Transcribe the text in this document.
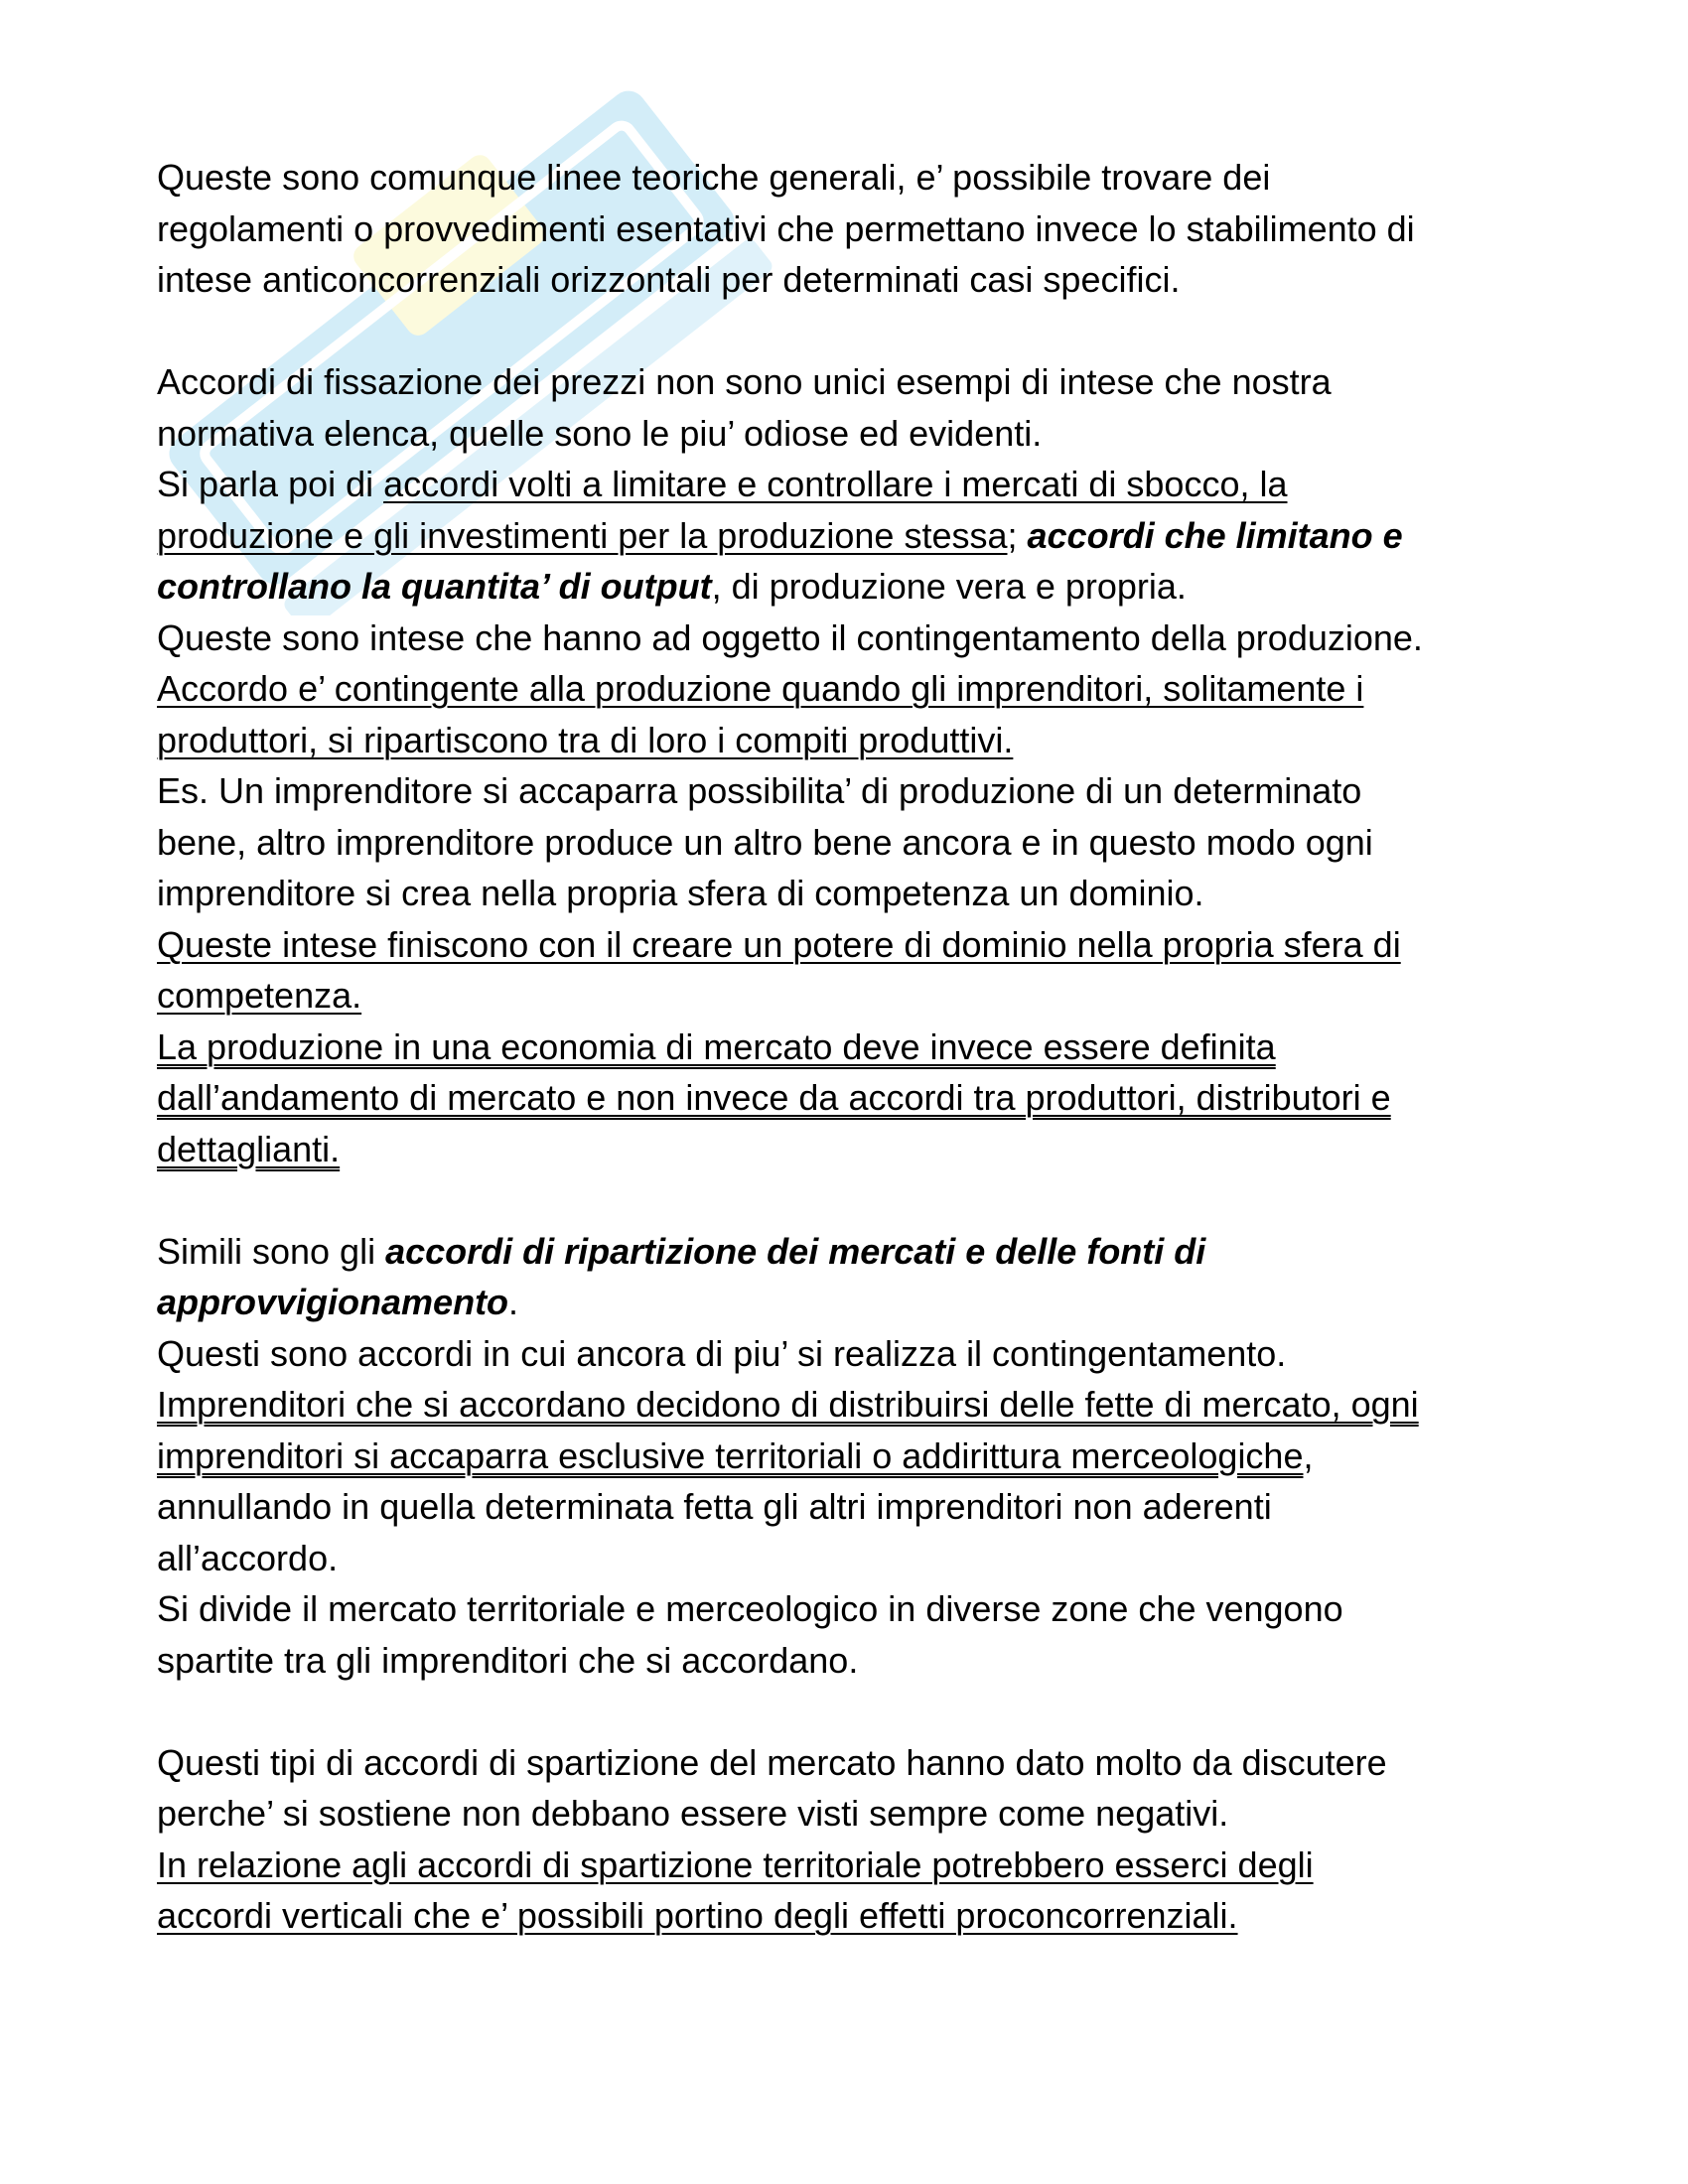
Queste sono comunque linee teoriche generali, e’ possibile trovare dei
regolamenti o provvedimenti esentativi che permettano invece lo stabilimento di
intese anticoncorrenziali orizzontali per determinati casi specifici.
Accordi di fissazione dei prezzi non sono unici esempi di intese che nostra
normativa elenca, quelle sono le piu’ odiose ed evidenti.
Si parla poi di accordi volti a limitare e controllare i mercati di sbocco, la
produzione e gli investimenti per la produzione stessa; accordi che limitano e
controllano la quantita’ di output, di produzione vera e propria.
Queste sono intese che hanno ad oggetto il contingentamento della produzione.
Accordo e’ contingente alla produzione quando gli imprenditori, solitamente i
produttori, si ripartiscono tra di loro i compiti produttivi.
Es. Un imprenditore si accaparra possibilita’ di produzione di un determinato
bene, altro imprenditore produce un altro bene ancora e in questo modo ogni
imprenditore si crea nella propria sfera di competenza un dominio.
Queste intese finiscono con il creare un potere di dominio nella propria sfera di
competenza.
La produzione in una economia di mercato deve invece essere definita
dall’andamento di mercato e non invece da accordi tra produttori, distributori e
dettaglianti.
Simili sono gli accordi di ripartizione dei mercati e delle fonti di
approvvigionamento.
Questi sono accordi in cui ancora di piu’ si realizza il contingentamento.
Imprenditori che si accordano decidono di distribuirsi delle fette di mercato, ogni
imprenditori si accaparra esclusive territoriali o addirittura merceologiche,
annullando in quella determinata fetta gli altri imprenditori non aderenti
all’accordo.
Si divide il mercato territoriale e merceologico in diverse zone che vengono
spartite tra gli imprenditori che si accordano.
Questi tipi di accordi di spartizione del mercato hanno dato molto da discutere
perche’ si sostiene non debbano essere visti sempre come negativi.
In relazione agli accordi di spartizione territoriale potrebbero esserci degli
accordi verticali che e’ possibili portino degli effetti proconcorrenziali.
